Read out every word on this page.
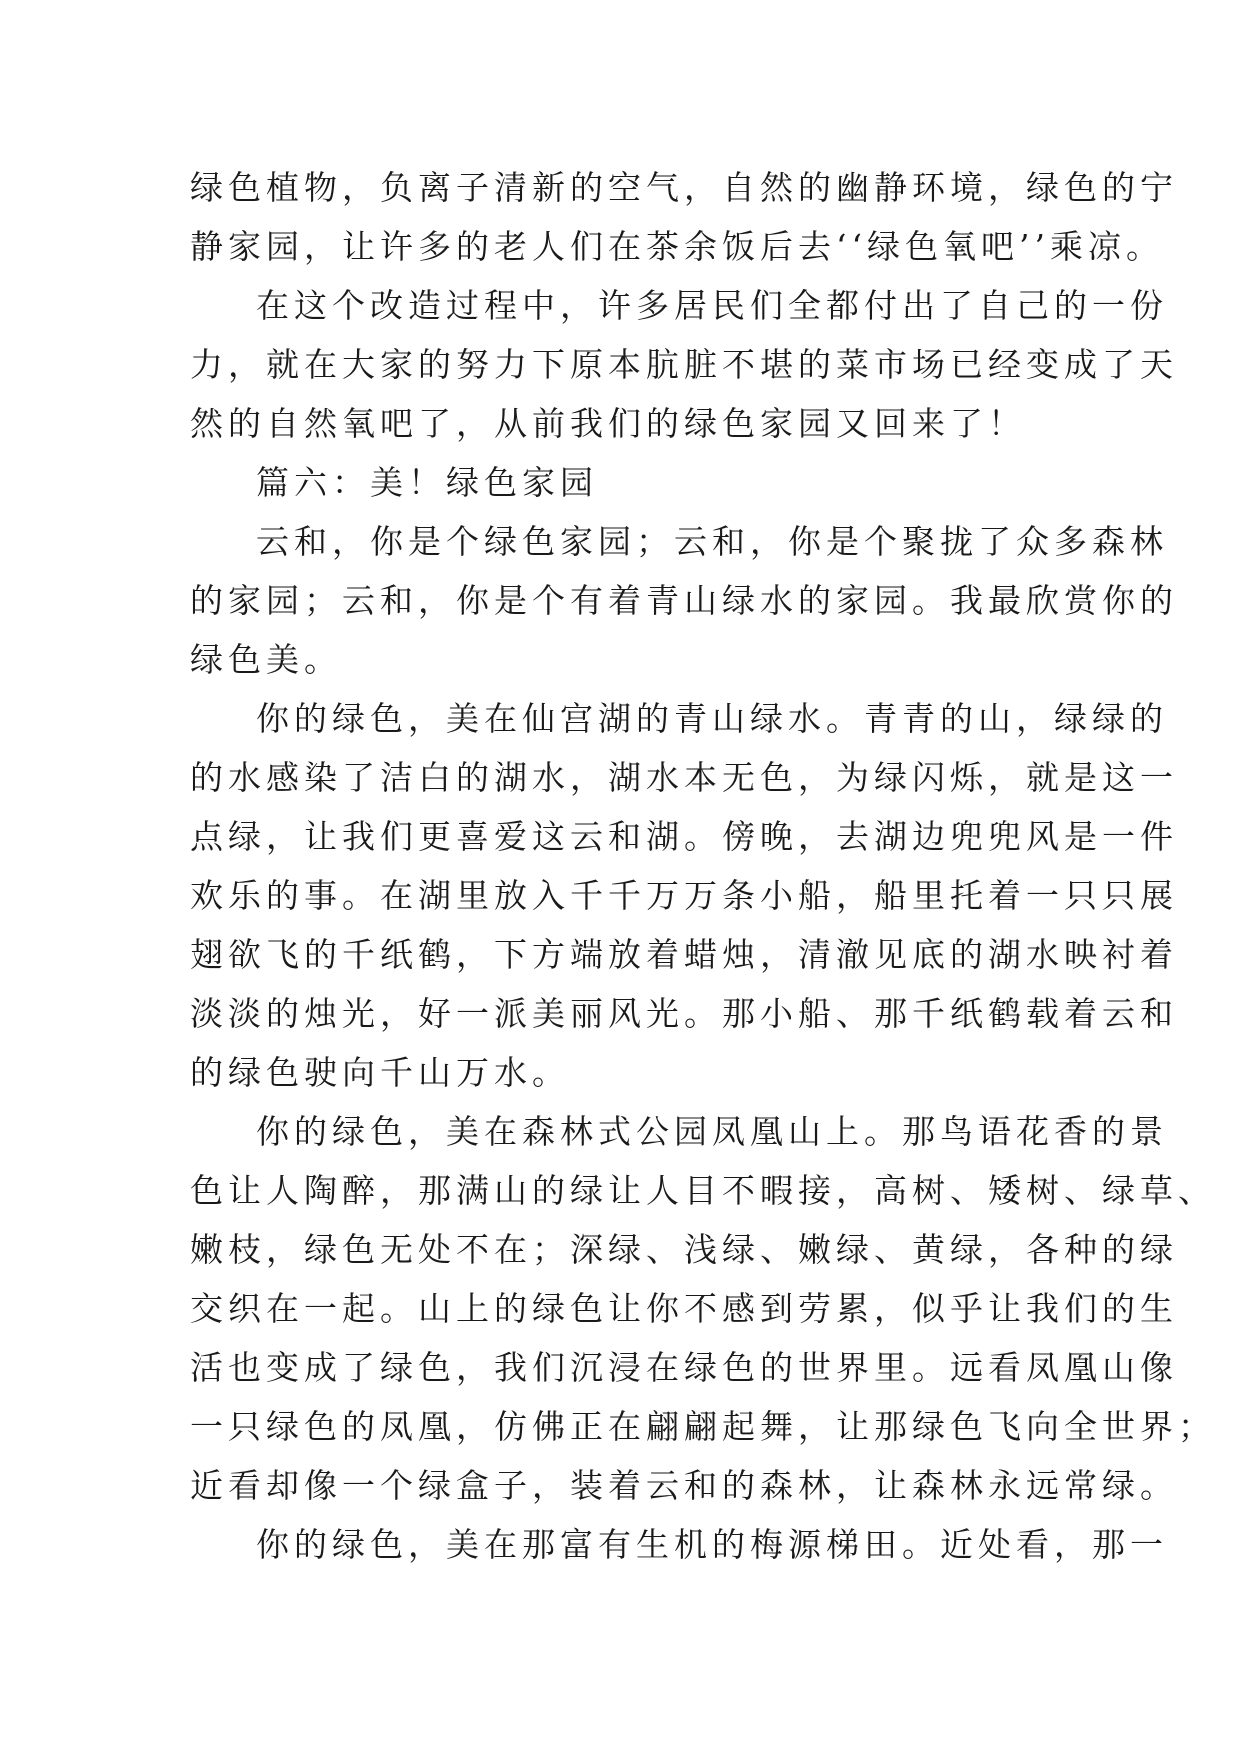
绿色植物，负离子清新的空气，自然的幽静环境，绿色的宁
静家园，让许多的老人们在茶余饭后去‘‘绿色氧吧’’乘凉。
在这个改造过程中，许多居民们全都付出了自己的一份
力，就在大家的努力下原本肮脏不堪的菜市场已经变成了天
然的自然氧吧了，从前我们的绿色家园又回来了！
篇六：美！绿色家园
云和，你是个绿色家园；云和，你是个聚拢了众多森林
的家园；云和，你是个有着青山绿水的家园。我最欣赏你的
绿色美。
你的绿色，美在仙宫湖的青山绿水。青青的山，绿绿的
的水感染了洁白的湖水，湖水本无色，为绿闪烁，就是这一
点绿，让我们更喜爱这云和湖。傍晚，去湖边兜兜风是一件
欢乐的事。在湖里放入千千万万条小船，船里托着一只只展
翅欲飞的千纸鹤，下方端放着蜡烛，清澈见底的湖水映衬着
淡淡的烛光，好一派美丽风光。那小船、那千纸鹤载着云和
的绿色驶向千山万水。
你的绿色，美在森林式公园凤凰山上。那鸟语花香的景
色让人陶醉，那满山的绿让人目不暇接，高树、矮树、绿草、
嫩枝，绿色无处不在；深绿、浅绿、嫩绿、黄绿，各种的绿
交织在一起。山上的绿色让你不感到劳累，似乎让我们的生
活也变成了绿色，我们沉浸在绿色的世界里。远看凤凰山像
一只绿色的凤凰，仿佛正在翩翩起舞，让那绿色飞向全世界；
近看却像一个绿盒子，装着云和的森林，让森林永远常绿。
你的绿色，美在那富有生机的梅源梯田。近处看，那一
